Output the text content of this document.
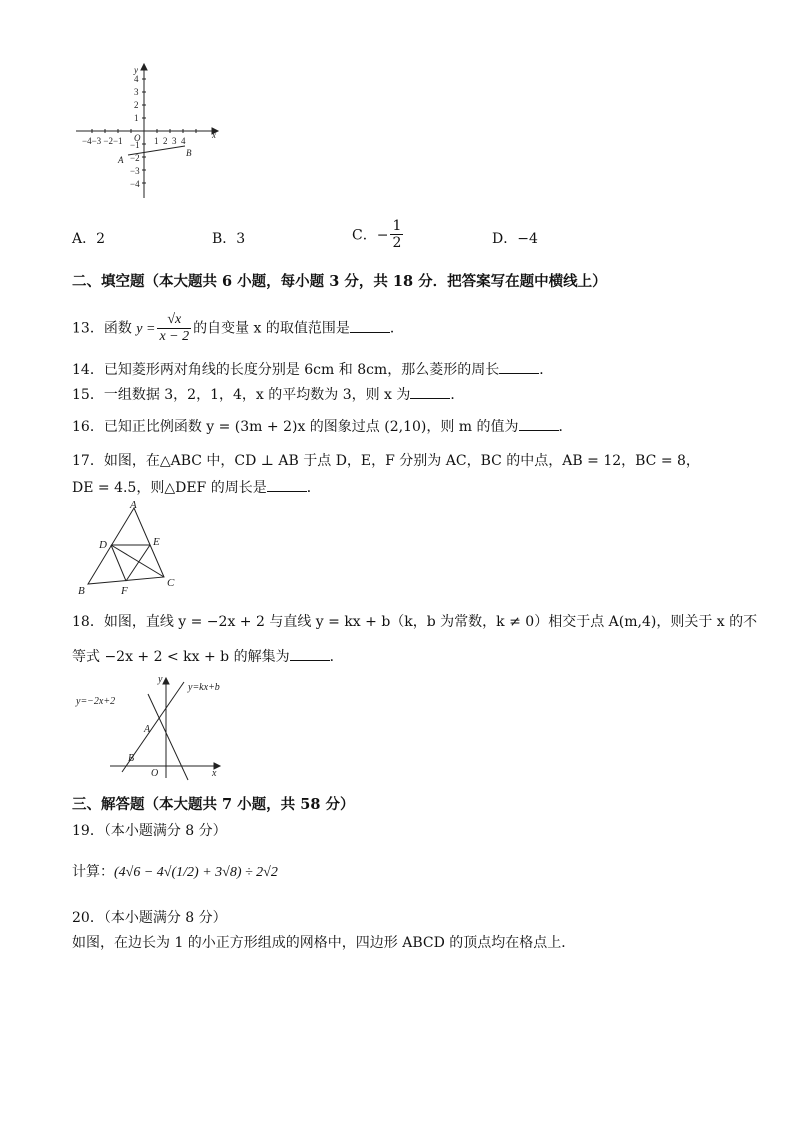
y
x
O
4
3
2
1
−1
−2
−3
−4
−4−3 −2−1	1  2  3  4
A
B
A．2	B．3	C．− $\frac{1}{2}$	D．−4
二、填空题（本大题共 6 小题，每小题 3 分，共 18 分．把答案写在题中横线上）
13．函数 $y = \frac{√x}{x - 2}$ 的自变量 x 的取值范围是	．
14．已知菱形两对角线的长度分别是 6cm 和 8cm，那么菱形的周长	．
15．一组数据 3，2，1，4，x 的平均数为 3，则 x 为	．
16．已知正比例函数 y = (3m + 2)x 的图象过点 (2,10)，则 m 的值为	．
17．如图，在△ABC 中，CD ⊥ AB 于点 D，E，F 分别为 AC，BC 的中点，AB = 12，BC = 8，
DE = 4.5，则△DEF 的周长是	．
A
B
C
D	E
F
18．如图，直线 y = −2x + 2 与直线 y = kx + b（k，b 为常数，k ≠ 0）相交于点 A(m,4)，则关于 x 的不
等式 −2x + 2 < kx + b 的解集为	．
y=−2x+2
y=kx+b
y
x
O
A
B
三、解答题（本大题共 7 小题，共 58 分）
19．（本小题满分 8 分）
计算：(4√6 − 4√(1/2) + 3√8) ÷ 2√2
20．（本小题满分 8 分）
如图，在边长为 1 的小正方形组成的网格中，四边形 ABCD 的顶点均在格点上．
